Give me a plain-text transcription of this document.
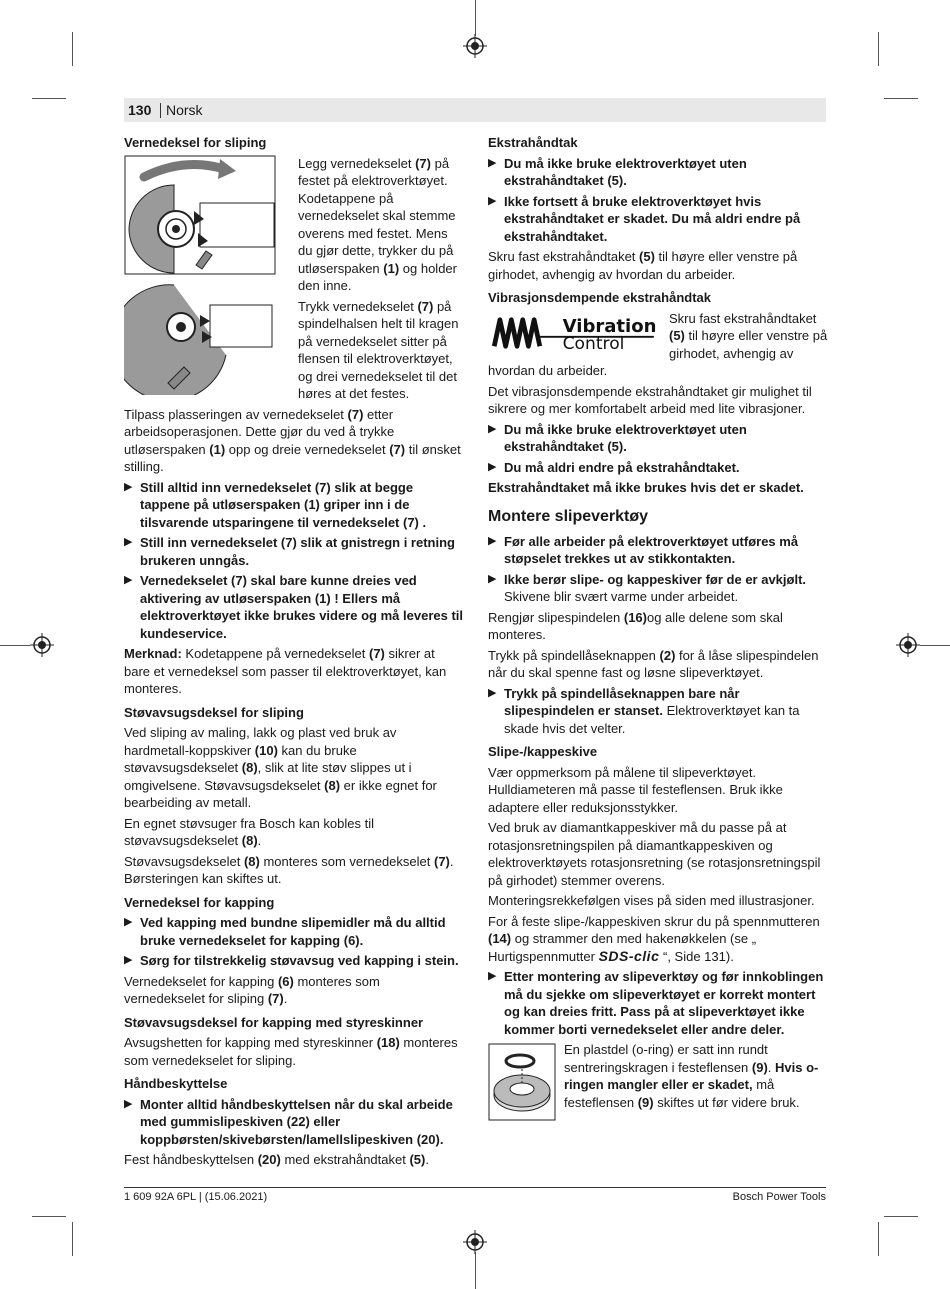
130 Norsk
Vernedeksel for sliping

Legg vernedekselet (7) på festet på elektroverktøyet. Kodetappene på vernedekselet skal stemme overens med festet. Mens du gjør dette, trykker du på utløserspaken (1) og holder den inne.

Trykk vernedekselet (7) på spindelhalsen helt til kragen på vernedekselet sitter på flensen til elektroverktøyet, og drei vernedekselet til det høres at det festes.

Tilpass plasseringen av vernedekselet (7) etter arbeidsoperasjonen. Dette gjør du ved å trykke utløserspaken (1) opp og dreie vernedekselet (7) til ønsket stilling.

▶ Still alltid inn vernedekselet (7) slik at begge tappene på utløserspaken (1) griper inn i de tilsvarende utsparingene til vernedekselet (7) .
▶ Still inn vernedekselet (7) slik at gnistregn i retning brukeren unngås.
▶ Vernedekselet (7) skal bare kunne dreies ved aktivering av utløserspaken (1) ! Ellers må elektroverktøyet ikke brukes videre og må leveres til kundeservice.

Merknad: Kodetappene på vernedekselet (7) sikrer at bare et vernedeksel som passer til elektroverktøyet, kan monteres.

Støvavsugsdeksel for sliping

Ved sliping av maling, lakk og plast ved bruk av hardmetall-koppskiver (10) kan du bruke støvavsugsdekselet (8), slik at lite støv slippes ut i omgivelsene. Støvavsugsdekselet (8) er ikke egnet for bearbeiding av metall.

En egnet støvsuger fra Bosch kan kobles til støvavsugsdekselet (8).

Støvavsugsdekselet (8) monteres som vernedekselet (7). Børsteringen kan skiftes ut.

Vernedeksel for kapping
▶ Ved kapping med bundne slipemidler må du alltid bruke vernedekselet for kapping (6).
▶ Sørg for tilstrekkelig støvavsug ved kapping i stein.

Vernedekselet for kapping (6) monteres som vernedekselet for sliping (7).

Støvavsugsdeksel for kapping med styreskinner

Avsugshetten for kapping med styreskinner (18) monteres som vernedekselet for sliping.

Håndbeskyttelse
▶ Monter alltid håndbeskyttelsen når du skal arbeide med gummislipeskiven (22) eller koppbørsten/skivebørsten/lamellslipeskiven (20).

Fest håndbeskyttelsen (20) med ekstrahåndtaket (5).

Ekstrahåndtak
▶ Du må ikke bruke elektroverktøyet uten ekstrahåndtaket (5).
▶ Ikke fortsett å bruke elektroverktøyet hvis ekstrahåndtaket er skadet. Du må aldri endre på ekstrahåndtaket.

Skru fast ekstrahåndtaket (5) til høyre eller venstre på girhodet, avhengig av hvordan du arbeider.

Vibrasjonsdempende ekstrahåndtak
Vibration
Control

Skru fast ekstrahåndtaket (5) til høyre eller venstre på girhodet, avhengig av hvordan du arbeider.

Det vibrasjonsdempende ekstrahåndtaket gir mulighet til sikrere og mer komfortabelt arbeid med lite vibrasjoner.

▶ Du må ikke bruke elektroverktøyet uten ekstrahåndtaket (5).
▶ Du må aldri endre på ekstrahåndtaket.

Ekstrahåndtaket må ikke brukes hvis det er skadet.

Montere slipeverktøy
▶ Før alle arbeider på elektroverktøyet utføres må støpselet trekkes ut av stikkontakten.
▶ Ikke berør slipe- og kappeskiver før de er avkjølt.
Skivene blir svært varme under arbeidet.

Rengjør slipespindelen (16)og alle delene som skal monteres.

Trykk på spindellåseknappen (2) for å låse slipespindelen når du skal spenne fast og løsne slipeverktøyet.

▶ Trykk på spindellåseknappen bare når slipespindelen er stanset. Elektroverktøyet kan ta skade hvis det velter.
Slipe-/kappeskive

Vær oppmerksom på målene til slipeverktøyet. Hulldiameteren må passe til festeflensen. Bruk ikke adaptere eller reduksjonsstykker.

Ved bruk av diamantkappeskiver må du passe på at rotasjonsretningspilen på diamantkappeskiven og elektroverktøyets rotasjonsretning (se rotasjonsretningspil på girhodet) stemmer overens.

Monteringsrekkefølgen vises på siden med illustrasjoner.

For å feste slipe-/kappeskiven skrur du på spennmutteren (14) og strammer den med hakenøkkelen (se „ Hurtigspennmutter SDS-clic “, Side 131).

▶ Etter montering av slipeverktøy og før innkoblingen må du sjekke om slipeverktøyet er korrekt montert og kan dreies fritt. Pass på at slipeverktøyet ikke kommer borti vernedekselet eller andre deler.

En plastdel (o-ring) er satt inn rundt sentreringskragen i festeflensen (9). Hvis o-ringen mangler eller er skadet, må festeflensen (9) skiftes ut før videre bruk.

1 609 92A 6PL | (15.06.2021)	Bosch Power Tools
